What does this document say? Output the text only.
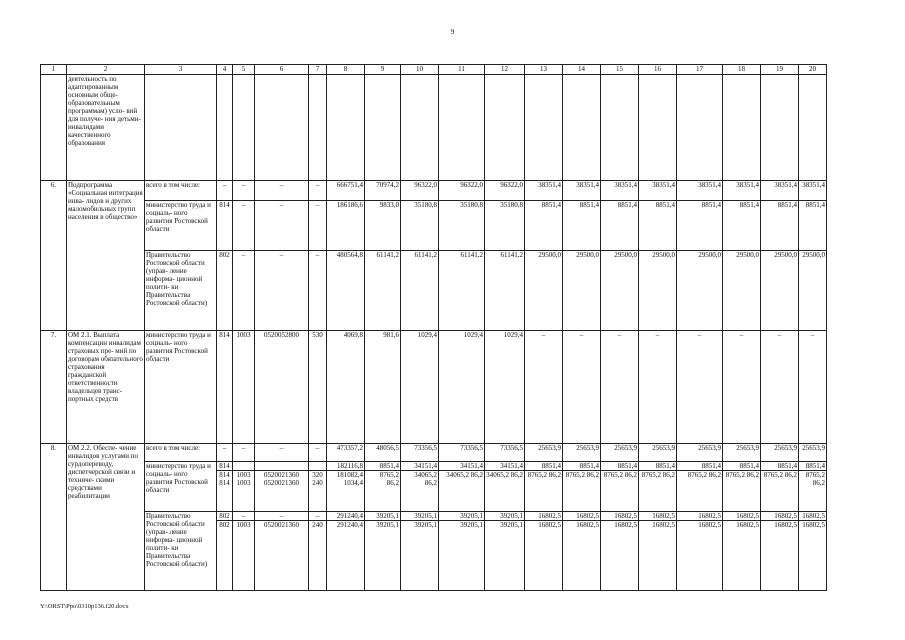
9
1	2	3	4	5	6	7	8	9	10	11	12	13	14	15	16	17	18	19	20
	деятельность по адаптированным основным обще- образовательным программам) усло- вий для получе- ния детьми- инвалидами качественного образования																		
6.	Подпрограмма «Социальная интеграция инва- лидов и других маломобильных групп населения в общество»	всего в том числе:	–	–	–	–	666751,4	70974,2	96322,0	96322,0	96322,0	38351,4	38351,4	38351,4	38351,4	38351,4	38351,4	38351,4	38351,4
		министерство труда и социаль- ного развития Ростовской области	814	–	–	–	186186,6	9833,0	35180,8	35180,8	35180,8	8851,4	8851,4	8851,4	8851,4	8851,4	8851,4	8851,4	8851,4
		Правительство Ростовской области (управ- ление информа- ционной полити- ки Правительства Ростовской области)	802	–	–	–	480564,8	61141,2	61141,2	61141,2	61141,2	29500,0	29500,0	29500,0	29500,0	29500,0	29500,0	29500,0	29500,0
7.	ОМ 2.1. Выплата компенсации инвалидам страховых пре- мий по договорам обязательного страхования гражданской ответственности владельцев транс- портных средств	министерство труда и социаль- ного развития Ростовской области	814	1003	0520052800	530	4069,8	981,6	1029,4	1029,4	1029,4	–	–	–	–	–	–	–	–
8.	ОМ 2.2. Обеспе- чение инвалидов услугами по сурдопереводу, диспетчерской связи и техниче- скими средствами реабилитации	всего в том числе:	–	–	–	–	473357,2	48056,5	73356,5	73356,5	73356,5	25653,9	25653,9	25653,9	25653,9	25653,9	25653,9	25653,9	25653,9
		министерство труда и социаль- ного развития Ростовской области	814				182116,8	8851,4	34151,4	34151,4	34151,4	8851,4	8851,4	8851,4	8851,4	8851,4	8851,4	8851,4	8851,4
			814 814	1003 1003	0520021360 0520021360	320 240	181082,4 1034,4	8765,2 86,2	34065,2 86,2	34065,2 86,2	34065,2 86,2	8765,2 86,2	8765,2 86,2	8765,2 86,2	8765,2 86,2	8765,2 86,2	8765,2 86,2	8765,2 86,2	8765,2 86,2
		Правительство Ростовской области (управ- ление информа- ционной полити- ки Правительства Ростовской области)	802	–	–	–	291240,4	39205,1	39205,1	39205,1	39205,1	16802,5	16802,5	16802,5	16802,5	16802,5	16802,5	16802,5	16802,5
			802	1003	0520021360	240	291240,4	39205,1	39205,1	39205,1	39205,1	16802,5	16802,5	16802,5	16802,5	16802,5	16802,5	16802,5	16802,5
Y:\ORST\Ppo\0310p136.f20.docx
